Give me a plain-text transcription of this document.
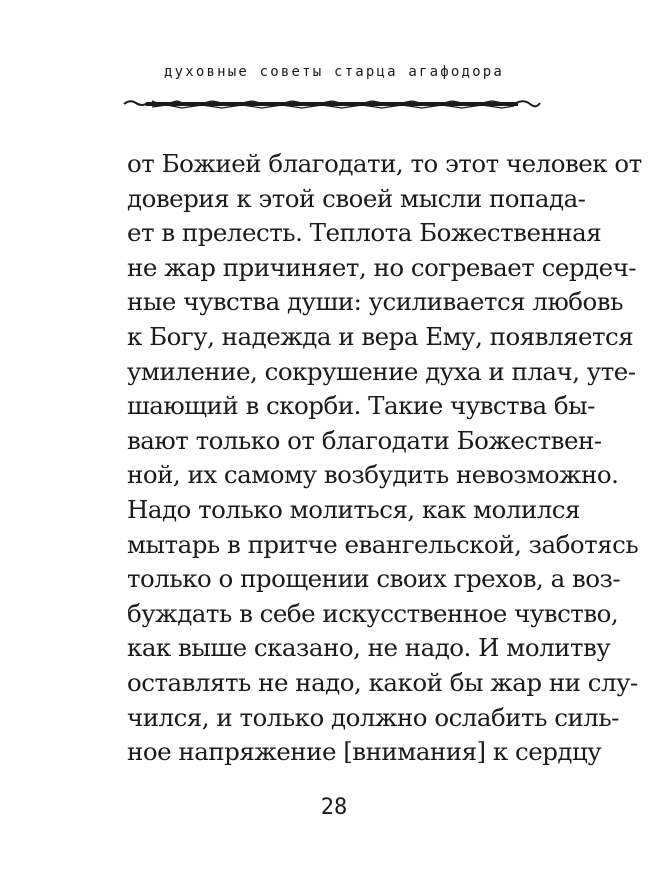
духовные советы старца агафодора
от Божией благодати, то этот человек от
доверия к этой своей мысли попада-
ет в прелесть. Теплота Божественная
не жар причиняет, но согревает сердеч-
ные чувства души: усиливается любовь
к Богу, надежда и вера Ему, появляется
умиление, сокрушение духа и плач, уте-
шающий в скорби. Такие чувства бы-
вают только от благодати Божествен-
ной, их самому возбудить невозможно.
Надо только молиться, как молился
мытарь в притче евангельской, заботясь
только о прощении своих грехов, а воз-
буждать в себе искусственное чувство,
как выше сказано, не надо. И молитву
оставлять не надо, какой бы жар ни слу-
чился, и только должно ослабить силь-
ное напряжение [внимания] к сердцу
28
